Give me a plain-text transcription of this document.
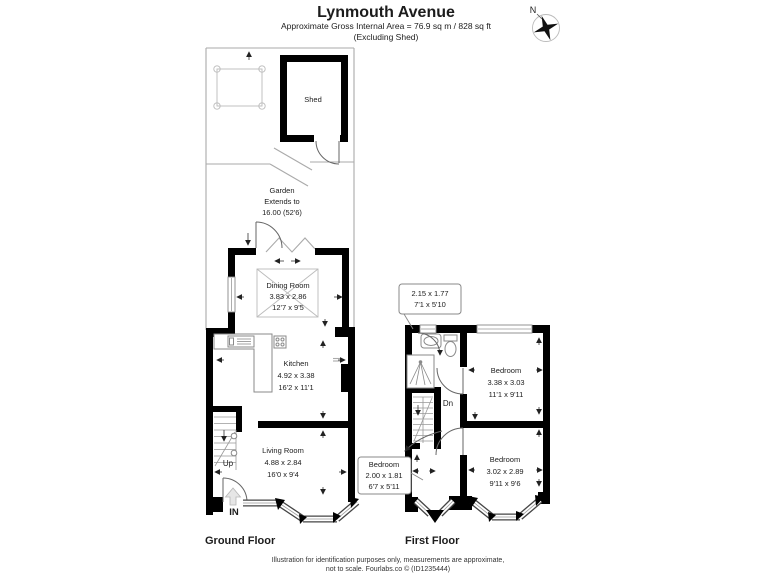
Lynmouth Avenue
Approximate Gross Internal Area = 76.9 sq m / 828 sq ft
(Excluding Shed)
N
Garden
Extends to
16.00 (52'6)
Shed
Dining Room
3.83 x 2.86
12'7 x 9'5
Up
IN
Kitchen
4.92 x 3.38
16'2 x 11'1
Living Room
4.88 x 2.84
16'0 x 9'4
Ground Floor
2.15 x 1.77
7'1 x 5'10
Dn
Bedroom
3.38 x 3.03
11'1 x 9'11
Bedroom
3.02 x 2.89
9'11 x 9'6
Bedroom
2.00 x 1.81
6'7 x 5'11
First Floor
Illustration for identification purposes only, measurements are approximate,
not to scale. Fourlabs.co © (ID1235444)
